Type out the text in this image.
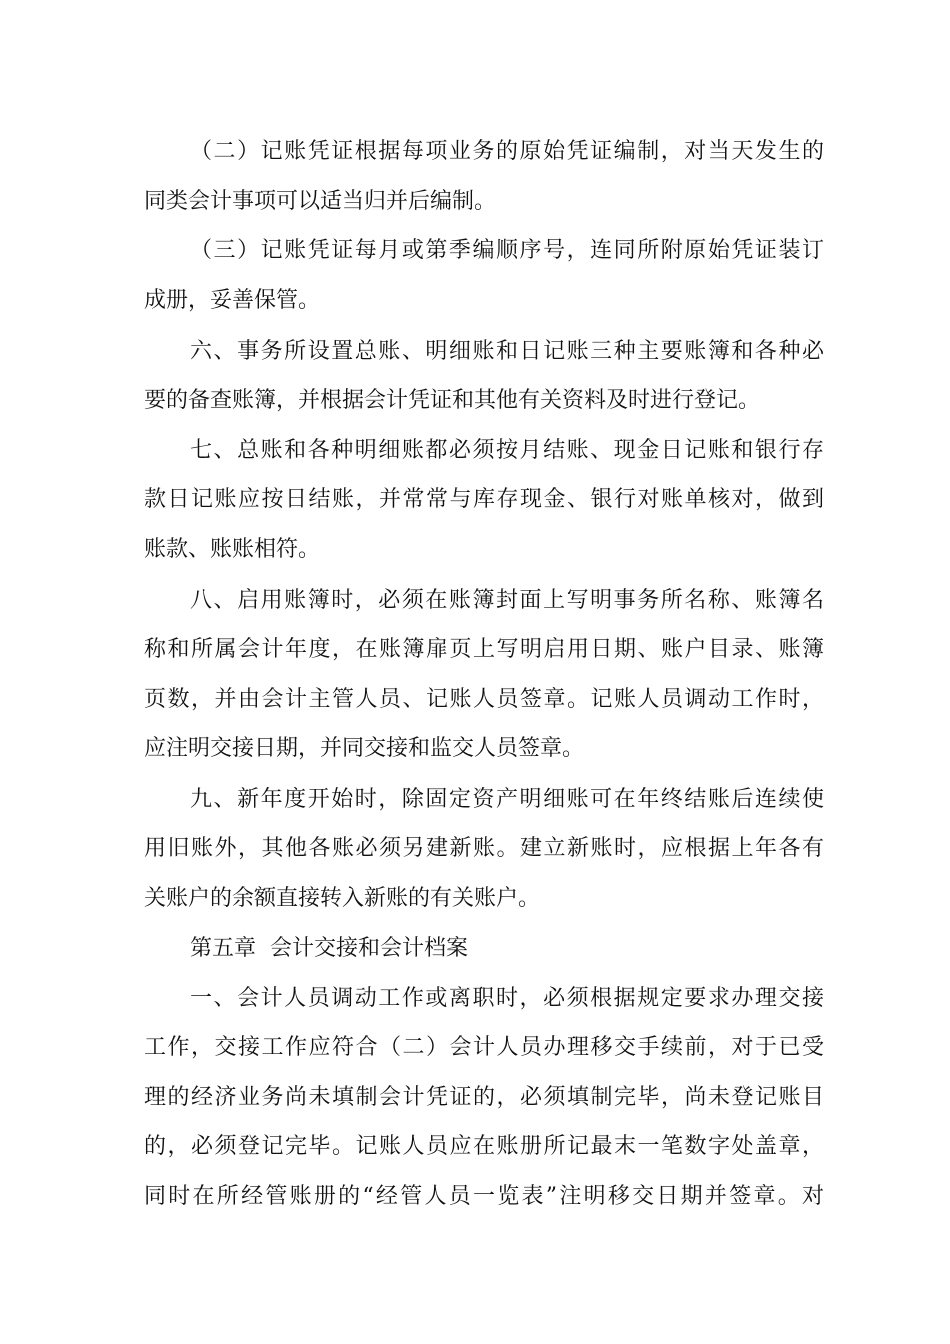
（二）记账凭证根据每项业务的原始凭证编制，对当天发生的
同类会计事项可以适当归并后编制。
（三）记账凭证每月或第季编顺序号，连同所附原始凭证装订
成册，妥善保管。
六、事务所设置总账、明细账和日记账三种主要账簿和各种必
要的备查账簿，并根据会计凭证和其他有关资料及时进行登记。
七、总账和各种明细账都必须按月结账、现金日记账和银行存
款日记账应按日结账，并常常与库存现金、银行对账单核对，做到
账款、账账相符。
八、启用账簿时，必须在账簿封面上写明事务所名称、账簿名
称和所属会计年度，在账簿扉页上写明启用日期、账户目录、账簿
页数，并由会计主管人员、记账人员签章。记账人员调动工作时，
应注明交接日期，并同交接和监交人员签章。
九、新年度开始时，除固定资产明细账可在年终结账后连续使
用旧账外，其他各账必须另建新账。建立新账时，应根据上年各有
关账户的余额直接转入新账的有关账户。
第五章  会计交接和会计档案
一、会计人员调动工作或离职时，必须根据规定要求办理交接
工作，交接工作应符合（二）会计人员办理移交手续前，对于已受
理的经济业务尚未填制会计凭证的，必须填制完毕，尚未登记账目
的，必须登记完毕。记账人员应在账册所记最末一笔数字处盖章，
同时在所经管账册的“经管人员一览表”注明移交日期并签章。对
